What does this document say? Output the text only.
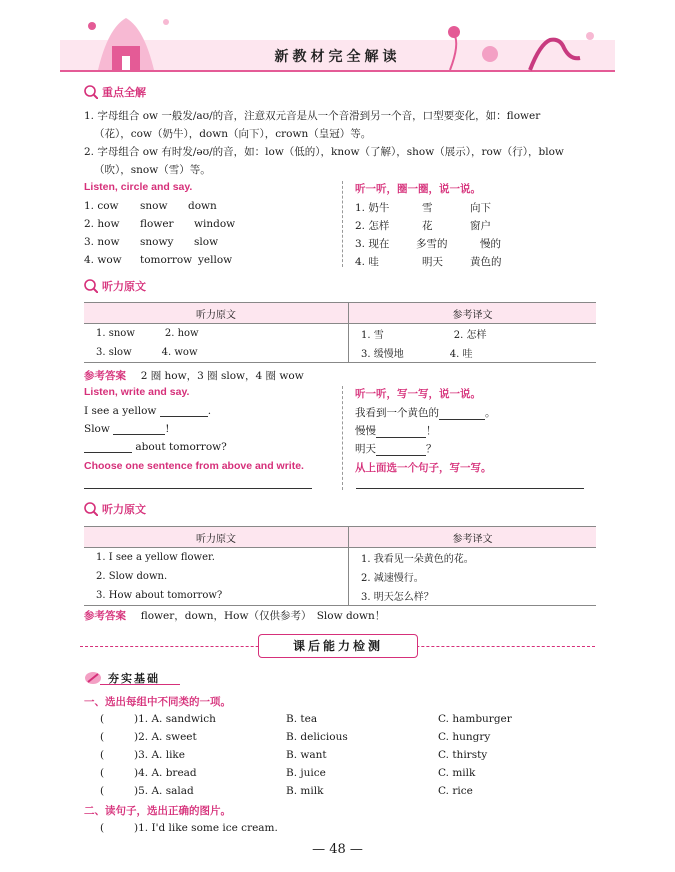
新教材完全解读
重点全解
1. 字母组合 ow 一般发/aʊ/的音，注意双元音是从一个音滑到另一个音，口型要变化，如：flower
（花），cow（奶牛），down（向下），crown（皇冠）等。
2. 字母组合 ow 有时发/əʊ/的音，如：low（低的），know（了解），show（展示），row（行），blow
（吹），snow（雪）等。
Listen, circle and say.	听一听，圈一圈，说一说。
1. cow snow down
2. how flower window
3. now snowy slow
4. wow tomorrow yellow
1. 奶牛	雪	向下
2. 怎样	花	窗户
3. 现在	多雪的	慢的
4. 哇	明天	黄色的
听力原文
听力原文	参考译文
1. snow 2. how	1. 雪 2. 怎样
3. slow 4. wow	3. 缓慢地 4. 哇
参考答案 2 圈 how，3 圈 slow，4 圈 wow
Listen, write and say.	听一听，写一写，说一说。
I see a yellow	.
Slow	!
about tomorrow?
我看到一个黄色的	。
慢慢	！
明天	？
Choose one sentence from above and write.	从上面选一个句子，写一写。
听力原文
听力原文	参考译文
1. I see a yellow flower.	1. 我看见一朵黄色的花。
2. Slow down.	2. 减速慢行。
3. How about tomorrow?	3. 明天怎么样？
参考答案 flower，down，How（仅供参考）　Slow down！
课后能力检测
夯实基础
一、选出每组中不同类的一项。
(	)1. A. sandwich	B. tea	C. hamburger
(	)2. A. sweet	B. delicious	C. hungry
(	)3. A. like	B. want	C. thirsty
(	)4. A. bread	B. juice	C. milk
(	)5. A. salad	B. milk	C. rice
二、读句子，选出正确的图片。
(	)1. I'd like some ice cream.
— 48 —
